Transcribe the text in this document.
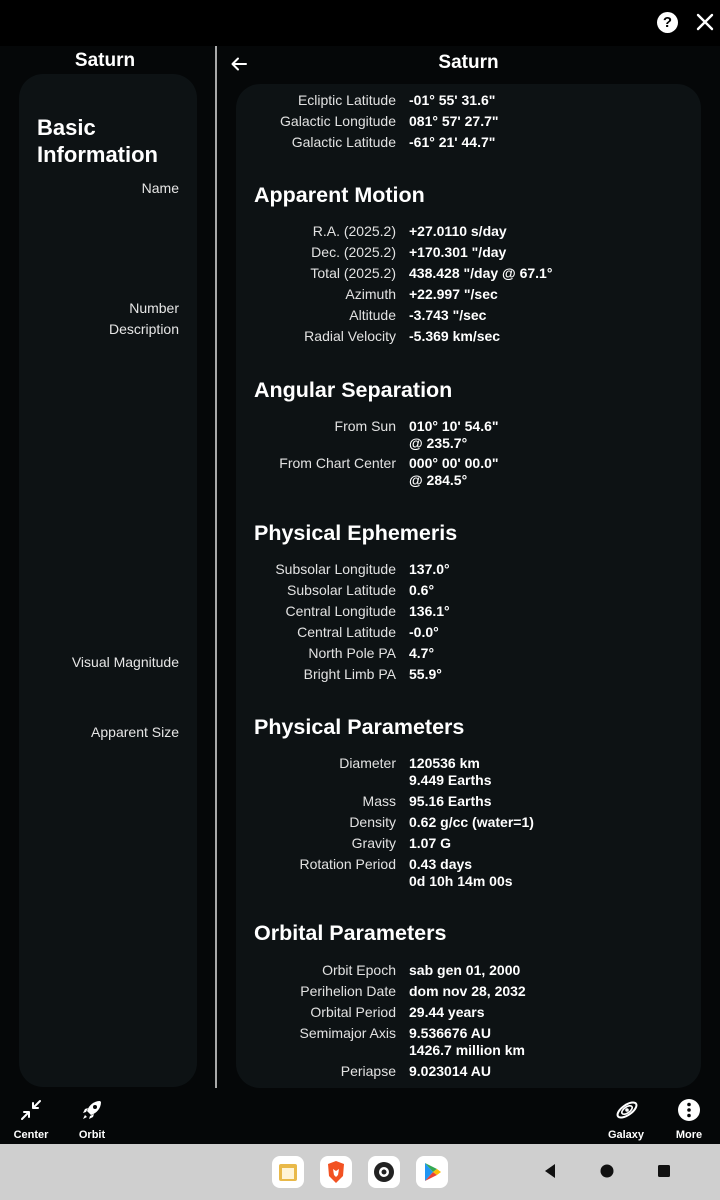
?
Saturn
Basic Information
Name
Number
Description
Visual Magnitude
Apparent Size
Saturn
Ecliptic Latitude -01° 55' 31.6"
Galactic Longitude 081° 57' 27.7"
Galactic Latitude -61° 21' 44.7"
Apparent Motion
R.A. (2025.2) +27.0110 s/day
Dec. (2025.2) +170.301 "/day
Total (2025.2) 438.428 "/day @ 67.1°
Azimuth +22.997 "/sec
Altitude -3.743 "/sec
Radial Velocity -5.369 km/sec
Angular Separation
From Sun 010° 10' 54.6"
@ 235.7°
From Chart Center 000° 00' 00.0"
@ 284.5°
Physical Ephemeris
Subsolar Longitude 137.0°
Subsolar Latitude 0.6°
Central Longitude 136.1°
Central Latitude -0.0°
North Pole PA 4.7°
Bright Limb PA 55.9°
Physical Parameters
Diameter 120536 km
9.449 Earths
Mass 95.16 Earths
Density 0.62 g/cc (water=1)
Gravity 1.07 G
Rotation Period 0.43 days
0d 10h 14m 00s
Orbital Parameters
Orbit Epoch sab gen 01, 2000
Perihelion Date dom nov 28, 2032
Orbital Period 29.44 years
Semimajor Axis 9.536676 AU
1426.7 million km
Periapse 9.023014 AU
Center	Orbit	Galaxy	More
